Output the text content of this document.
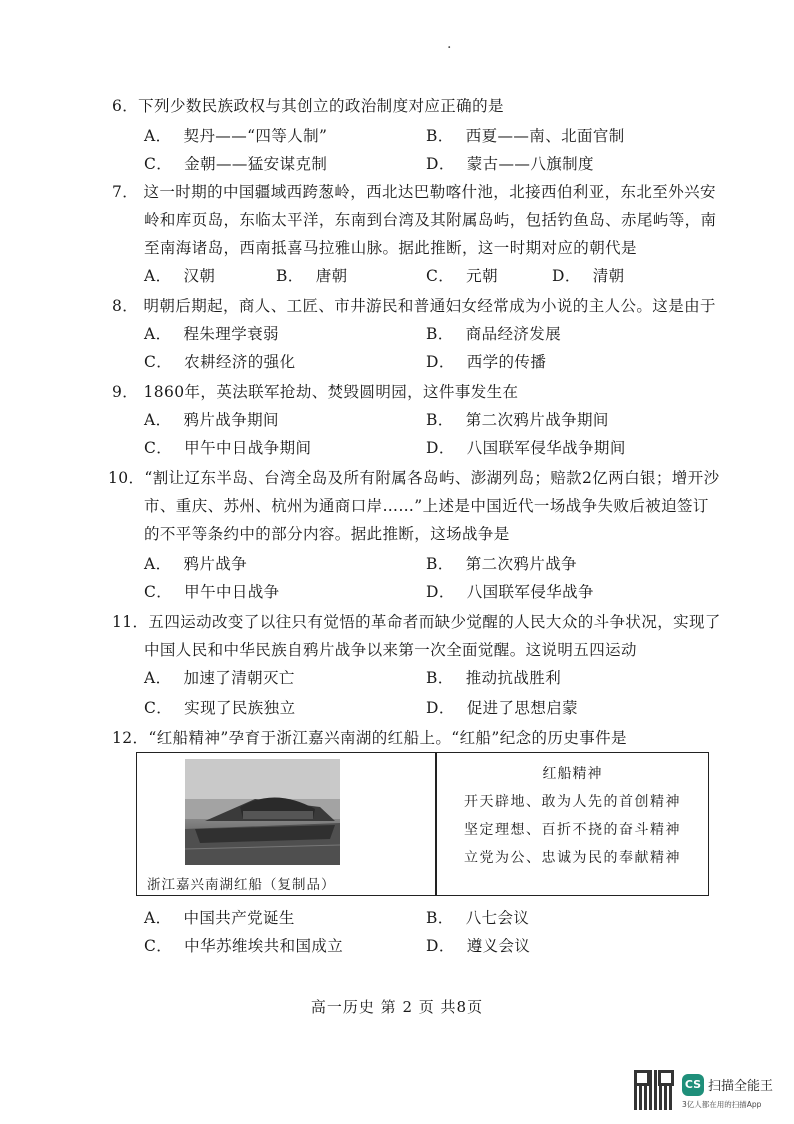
.
6．下列少数民族政权与其创立的政治制度对应正确的是
A． 契丹——“四等人制”	B． 西夏——南、北面官制
C． 金朝——猛安谋克制	D． 蒙古——八旗制度
7． 这一时期的中国疆域西跨葱岭，西北达巴勒喀什池，北接西伯利亚，东北至外兴安
岭和库页岛，东临太平洋，东南到台湾及其附属岛屿，包括钓鱼岛、赤尾屿等，南
至南海诸岛，西南抵喜马拉雅山脉。据此推断，这一时期对应的朝代是
A． 汉朝	B． 唐朝	C． 元朝	D． 清朝
8． 明朝后期起，商人、工匠、市井游民和普通妇女经常成为小说的主人公。这是由于
A． 程朱理学衰弱	B． 商品经济发展
C． 农耕经济的强化	D． 西学的传播
9． 1860年，英法联军抢劫、焚毁圆明园，这件事发生在
A． 鸦片战争期间	B． 第二次鸦片战争期间
C． 甲午中日战争期间	D． 八国联军侵华战争期间
10．“割让辽东半岛、台湾全岛及所有附属各岛屿、澎湖列岛；赔款2亿两白银；增开沙
市、重庆、苏州、杭州为通商口岸……”上述是中国近代一场战争失败后被迫签订
的不平等条约中的部分内容。据此推断，这场战争是
A． 鸦片战争	B． 第二次鸦片战争
C． 甲午中日战争	D． 八国联军侵华战争
11．五四运动改变了以往只有觉悟的革命者而缺少觉醒的人民大众的斗争状况，实现了
中国人民和中华民族自鸦片战争以来第一次全面觉醒。这说明五四运动
A． 加速了清朝灭亡	B． 推动抗战胜利
C． 实现了民族独立	D． 促进了思想启蒙
12．“红船精神”孕育于浙江嘉兴南湖的红船上。“红船”纪念的历史事件是
浙江嘉兴南湖红船（复制品）
红船精神
开天辟地、敢为人先的首创精神
坚定理想、百折不挠的奋斗精神
立党为公、忠诚为民的奉献精神
A． 中国共产党诞生	B． 八七会议
C． 中华苏维埃共和国成立	D． 遵义会议
高一历史 第 2 页 共8页
CS 扫描全能王
3亿人都在用的扫描App
